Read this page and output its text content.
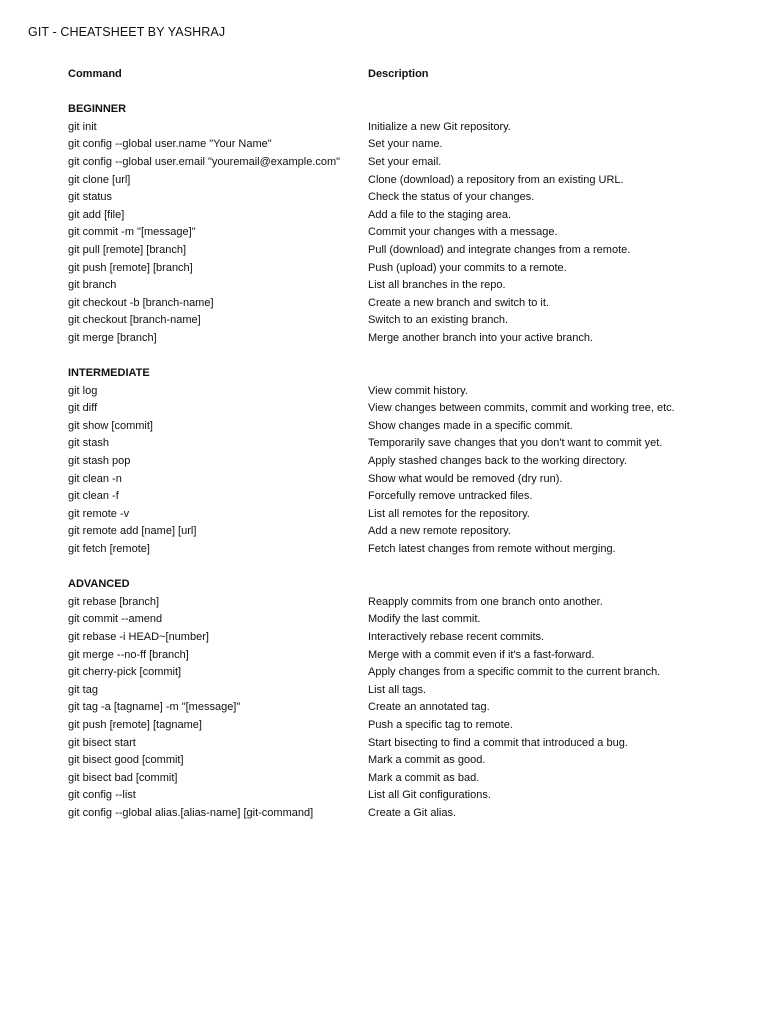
GIT - CHEATSHEET BY YASHRAJ
Command	Description
BEGINNER
git init	Initialize a new Git repository.
git config --global user.name "Your Name"	Set your name.
git config --global user.email "youremail@example.com"	Set your email.
git clone [url]	Clone (download) a repository from an existing URL.
git status	Check the status of your changes.
git add [file]	Add a file to the staging area.
git commit -m "[message]"	Commit your changes with a message.
git pull [remote] [branch]	Pull (download) and integrate changes from a remote.
git push [remote] [branch]	Push (upload) your commits to a remote.
git branch	List all branches in the repo.
git checkout -b [branch-name]	Create a new branch and switch to it.
git checkout [branch-name]	Switch to an existing branch.
git merge [branch]	Merge another branch into your active branch.
INTERMEDIATE
git log	View commit history.
git diff	View changes between commits, commit and working tree, etc.
git show [commit]	Show changes made in a specific commit.
git stash	Temporarily save changes that you don't want to commit yet.
git stash pop	Apply stashed changes back to the working directory.
git clean -n	Show what would be removed (dry run).
git clean -f	Forcefully remove untracked files.
git remote -v	List all remotes for the repository.
git remote add [name] [url]	Add a new remote repository.
git fetch [remote]	Fetch latest changes from remote without merging.
ADVANCED
git rebase [branch]	Reapply commits from one branch onto another.
git commit --amend	Modify the last commit.
git rebase -i HEAD~[number]	Interactively rebase recent commits.
git merge --no-ff [branch]	Merge with a commit even if it's a fast-forward.
git cherry-pick [commit]	Apply changes from a specific commit to the current branch.
git tag	List all tags.
git tag -a [tagname] -m "[message]"	Create an annotated tag.
git push [remote] [tagname]	Push a specific tag to remote.
git bisect start	Start bisecting to find a commit that introduced a bug.
git bisect good [commit]	Mark a commit as good.
git bisect bad [commit]	Mark a commit as bad.
git config --list	List all Git configurations.
git config --global alias.[alias-name] [git-command]	Create a Git alias.
